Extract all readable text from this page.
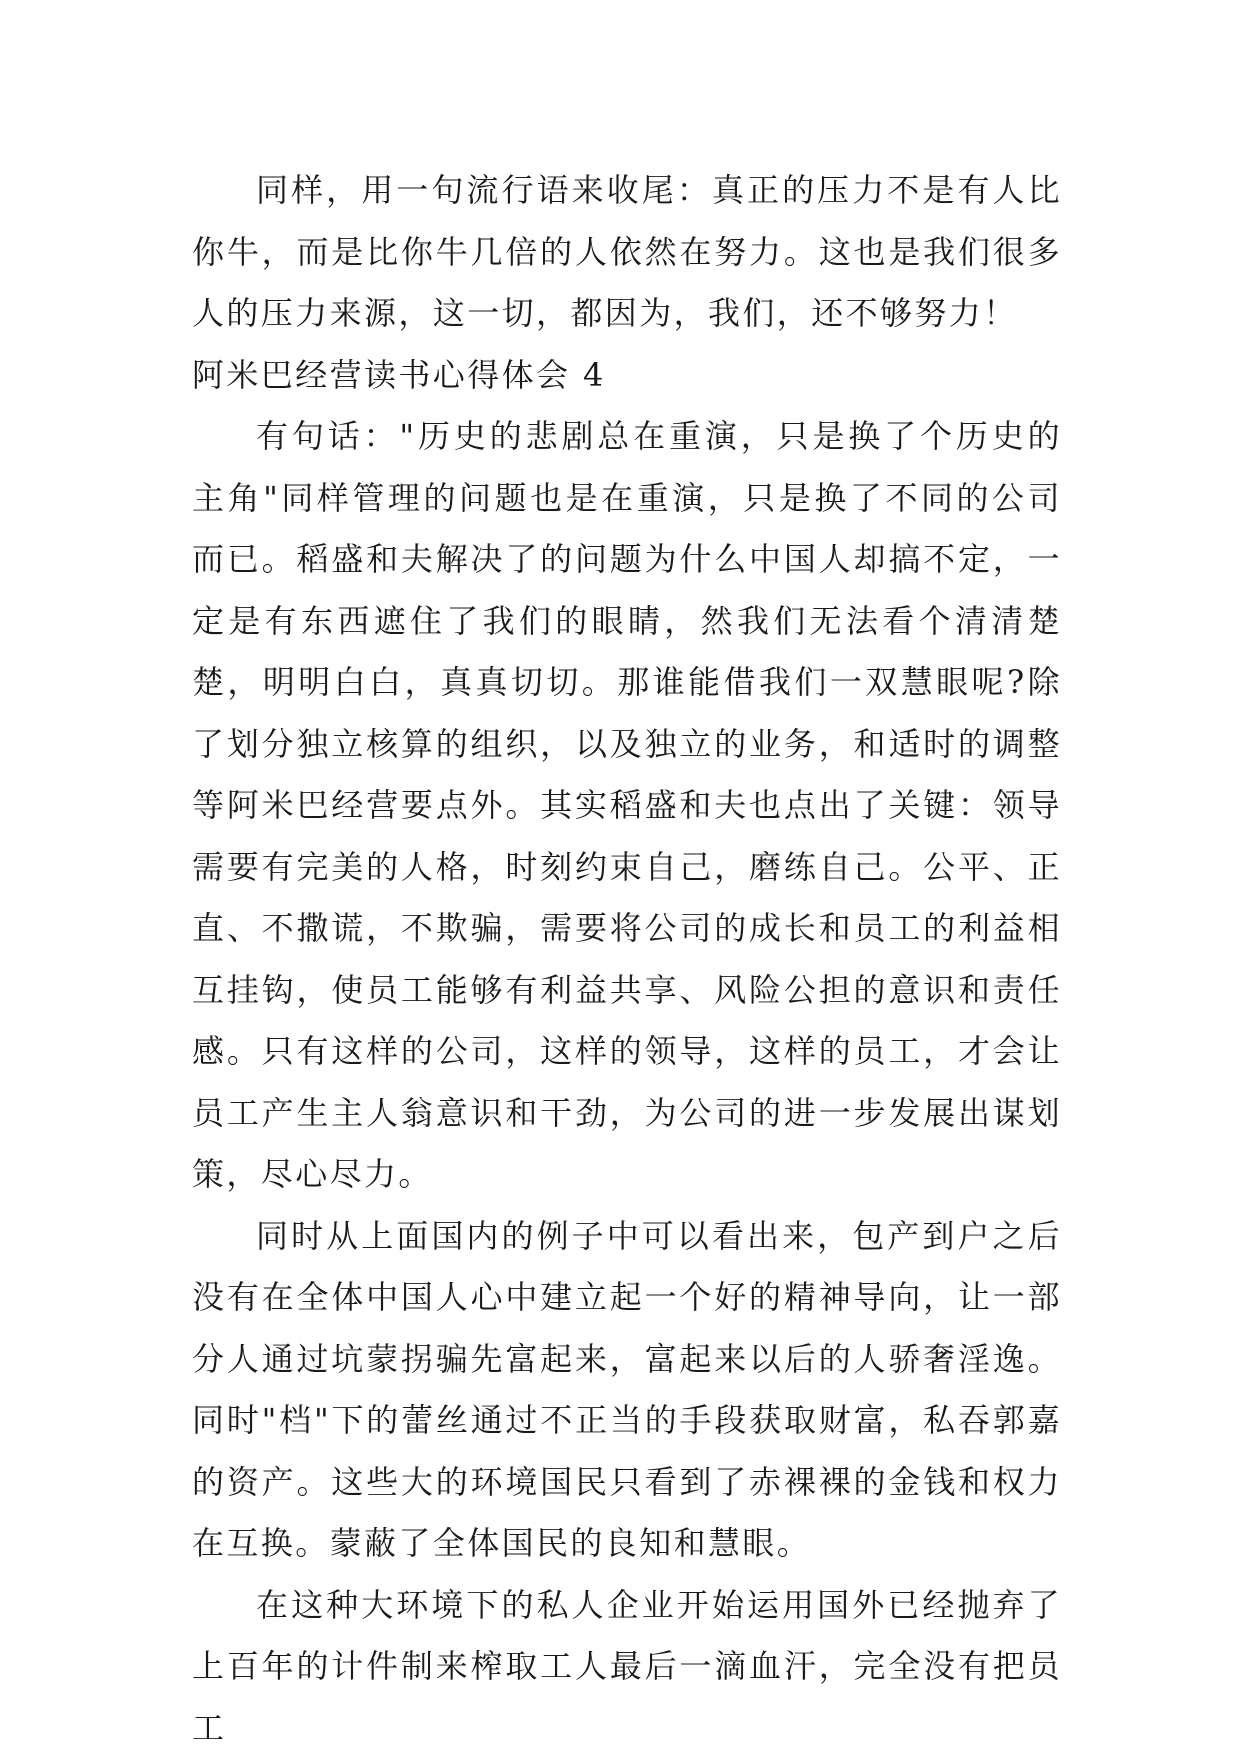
同样，用一句流行语来收尾：真正的压力不是有人比你牛，而是比你牛几倍的人依然在努力。这也是我们很多人的压力来源，这一切，都因为，我们，还不够努力！

阿米巴经营读书心得体会 4

有句话："历史的悲剧总在重演，只是换了个历史的主角"同样管理的问题也是在重演，只是换了不同的公司而已。稻盛和夫解决了的问题为什么中国人却搞不定，一定是有东西遮住了我们的眼睛，然我们无法看个清清楚楚，明明白白，真真切切。那谁能借我们一双慧眼呢?除了划分独立核算的组织，以及独立的业务，和适时的调整等阿米巴经营要点外。其实稻盛和夫也点出了关键：领导需要有完美的人格，时刻约束自己，磨练自己。公平、正直、不撒谎，不欺骗，需要将公司的成长和员工的利益相互挂钩，使员工能够有利益共享、风险公担的意识和责任感。只有这样的公司，这样的领导，这样的员工，才会让员工产生主人翁意识和干劲，为公司的进一步发展出谋划策，尽心尽力。

同时从上面国内的例子中可以看出来，包产到户之后没有在全体中国人心中建立起一个好的精神导向，让一部分人通过坑蒙拐骗先富起来，富起来以后的人骄奢淫逸。同时"档"下的蕾丝通过不正当的手段获取财富，私吞郭嘉的资产。这些大的环境国民只看到了赤裸裸的金钱和权力在互换。蒙蔽了全体国民的良知和慧眼。

在这种大环境下的私人企业开始运用国外已经抛弃了上百年的计件制来榨取工人最后一滴血汗，完全没有把员工
